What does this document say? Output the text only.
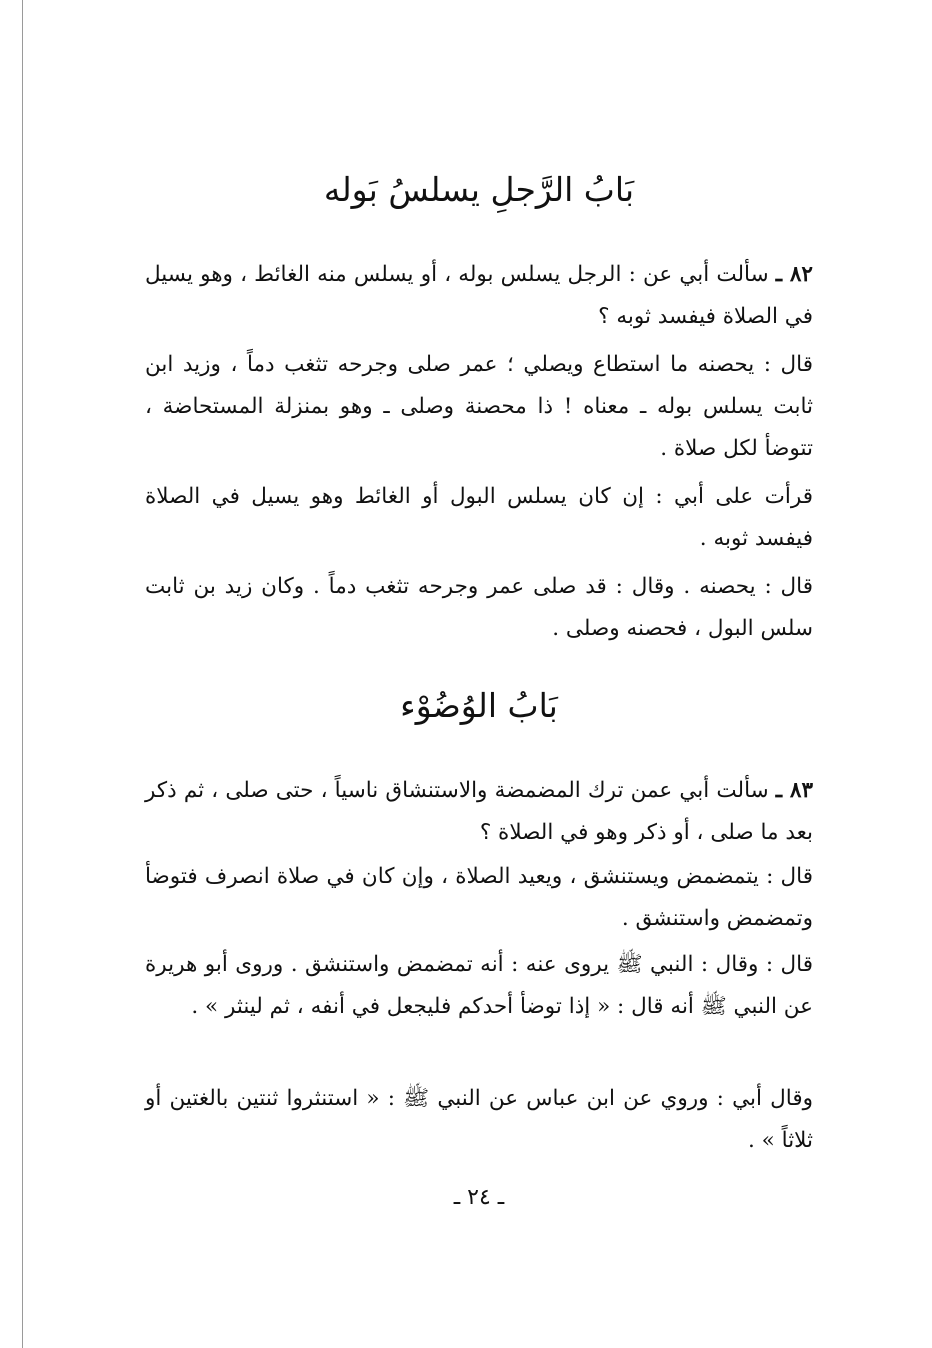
بَابُ الرَّجلِ يسلسُ بَوله

٨٢ ـ سألت أبي عن : الرجل يسلس بوله ، أو يسلس منه الغائط ، وهو يسيل في الصلاة فيفسد ثوبه ؟

قال : يحصنه ما استطاع ويصلي ؛ عمر صلى وجرحه تثغب دماً ، وزيد ابن ثابت يسلس بوله ـ معناه ! ذا محصنة وصلى ـ وهو بمنزلة المستحاضة ، تتوضأ لكل صلاة .

قرأت على أبي : إن كان يسلس البول أو الغائط وهو يسيل في الصلاة فيفسد ثوبه .

قال : يحصنه . وقال : قد صلى عمر وجرحه تثغب دماً . وكان زيد بن ثابت سلس البول ، فحصنه وصلى .

بَابُ الوُضُوْء

٨٣ ـ سألت أبي عمن ترك المضمضة والاستنشاق ناسياً ، حتى صلى ، ثم ذكر بعد ما صلى ، أو ذكر وهو في الصلاة ؟

قال : يتمضمض ويستنشق ، ويعيد الصلاة ، وإن كان في صلاة انصرف فتوضأ وتمضمض واستنشق .

قال : وقال : النبي ﷺ يروى عنه : أنه تمضمض واستنشق . وروى أبو هريرة عن النبي ﷺ أنه قال : « إذا توضأ أحدكم فليجعل في أنفه ، ثم لينثر » .

وقال أبي : وروي عن ابن عباس عن النبي ﷺ : « استنثروا ثنتين بالغتين أو ثلاثاً » .

ـ ٢٤ ـ
